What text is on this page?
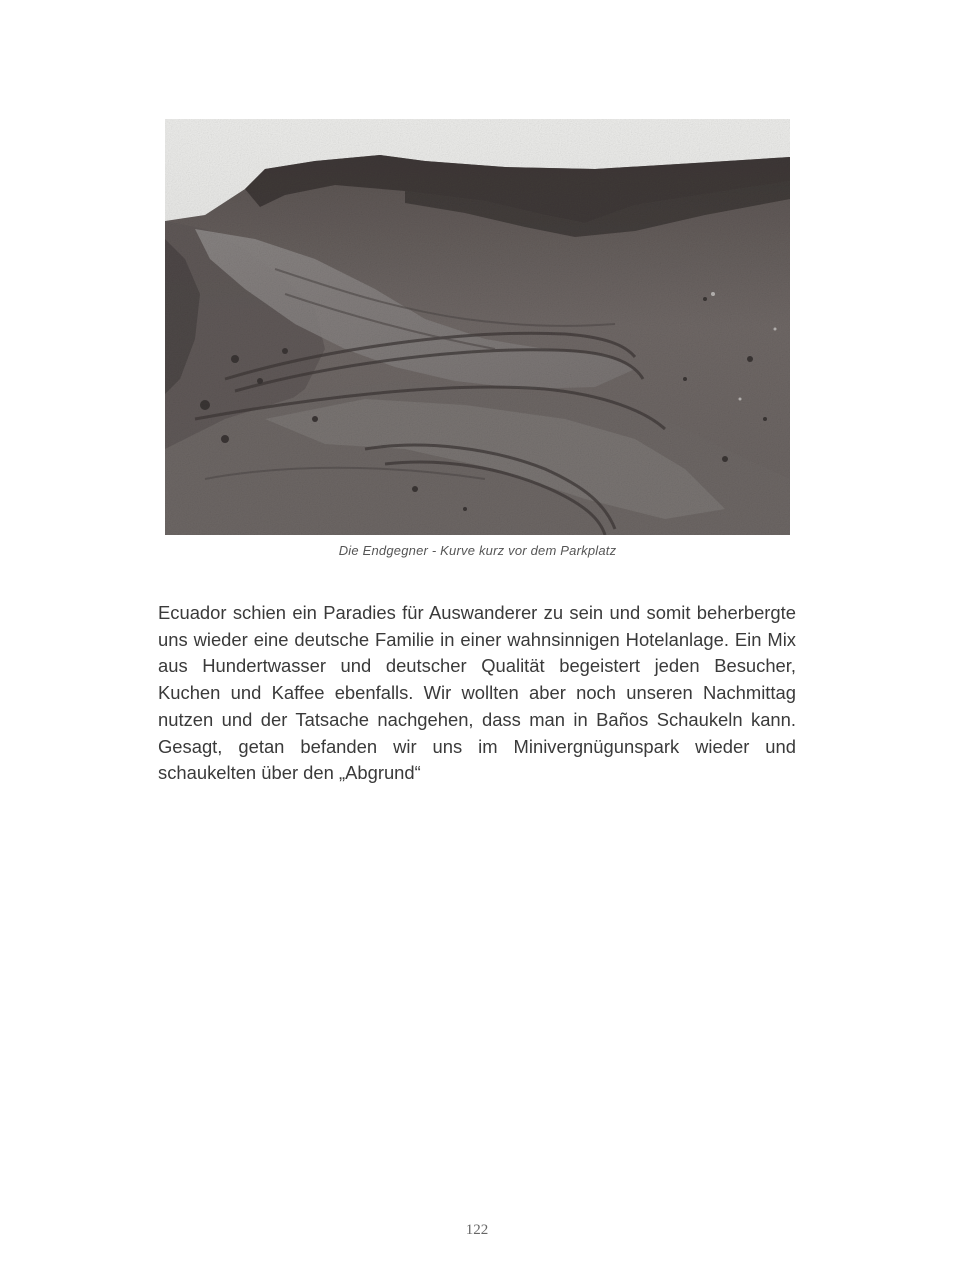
Die Endgegner - Kurve kurz vor dem Parkplatz

Ecuador schien ein Paradies für Auswanderer zu sein und somit beherbergte uns wieder eine deutsche Familie in einer wahnsinnigen Hotelanlage. Ein Mix aus Hundertwasser und deutscher Qualität begeistert jeden Besucher, Kuchen und Kaffee ebenfalls. Wir wollten aber noch unseren Nachmittag nutzen und der Tatsache nachgehen, dass man in Baños Schaukeln kann. Gesagt, getan befanden wir uns im Minivergnügunspark wieder und schaukelten über den „Abgrund“

122
